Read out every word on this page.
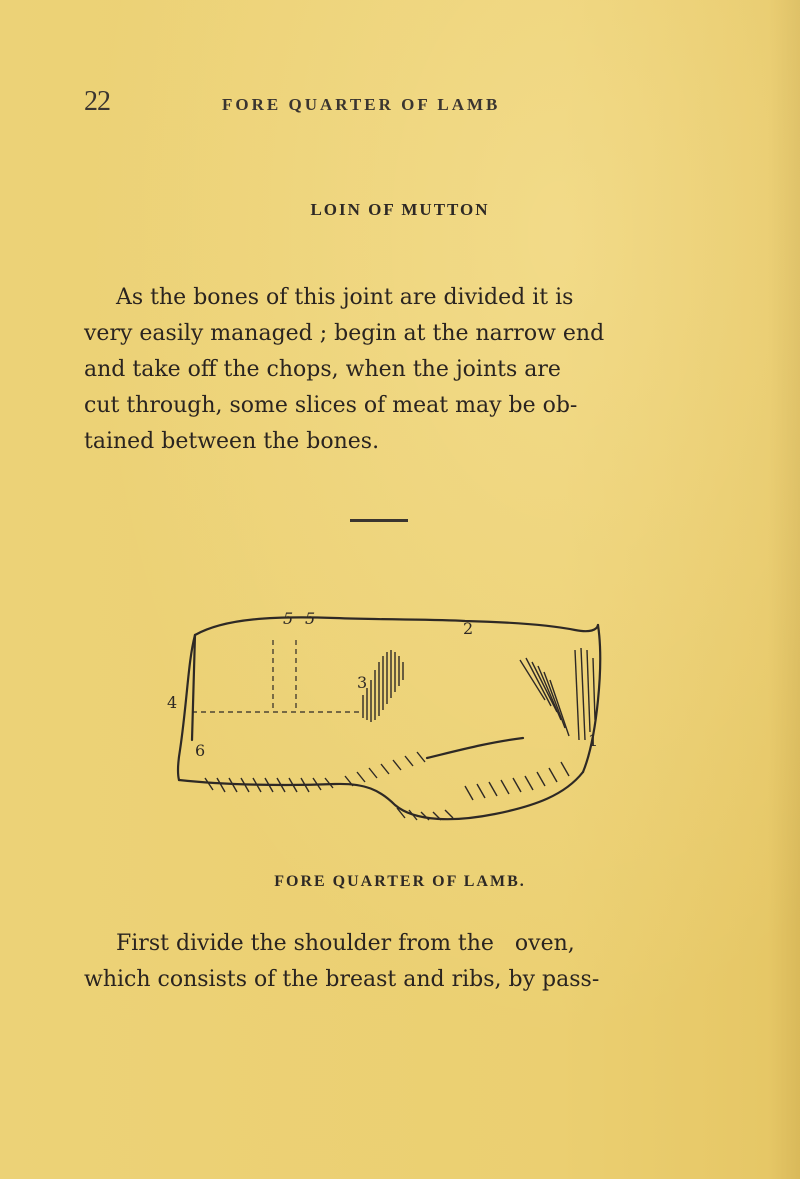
22	FORE QUARTER OF LAMB
LOIN OF MUTTON
As the bones of this joint are divided it is
very easily managed ; begin at the narrow end
and take off the chops, when the joints are
cut through, some slices of meat may be ob-
tained between the bones.
5 5
2
3
4
6
1
FORE QUARTER OF LAMB.
First divide the shoulder from the   oven,
which consists of the breast and ribs, by pass-
